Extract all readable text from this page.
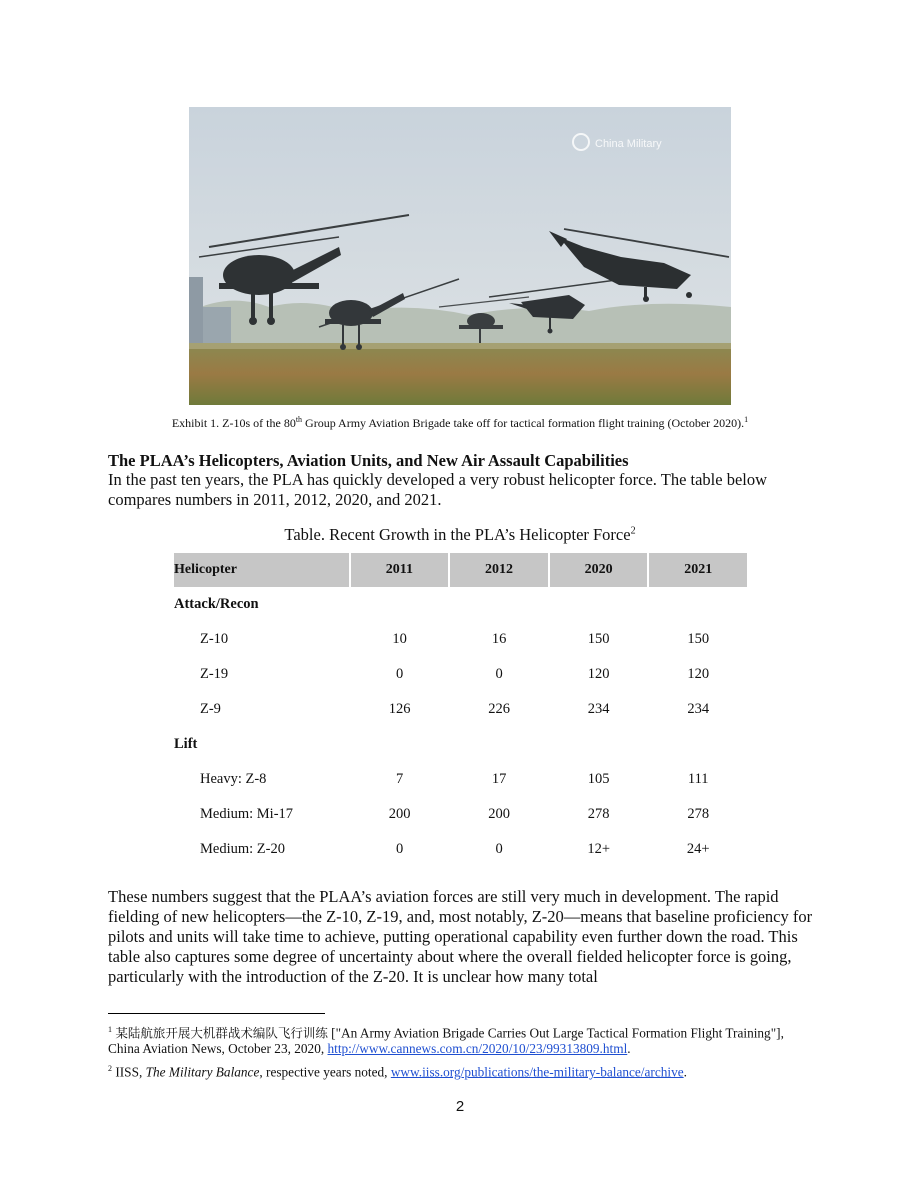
China Military
Exhibit 1. Z-10s of the 80th Group Army Aviation Brigade take off for tactical formation flight training (October 2020).$^1$
The PLAA’s Helicopters, Aviation Units, and New Air Assault Capabilities
In the past ten years, the PLA has quickly developed a very robust helicopter force. The table below compares numbers in 2011, 2012, 2020, and 2021.
Table. Recent Growth in the PLA’s Helicopter Force$^2$
Helicopter	2011	2012	2020	2021
Attack/Recon
Z-10	10	16	150	150
Z-19	0	0	120	120
Z-9	126	226	234	234
Lift
Heavy: Z-8	7	17	105	111
Medium: Mi-17	200	200	278	278
Medium: Z-20	0	0	12+	24+
These numbers suggest that the PLAA’s aviation forces are still very much in development. The rapid fielding of new helicopters—the Z-10, Z-19, and, most notably, Z-20—means that baseline proficiency for pilots and units will take time to achieve, putting operational capability even further down the road. This table also captures some degree of uncertainty about where the overall fielded helicopter force is going, particularly with the introduction of the Z-20. It is unclear how many total
$^1$ 某陆航旅开展大机群战术编队飞行训练 ["An Army Aviation Brigade Carries Out Large Tactical Formation Flight Training"], China Aviation News, October 23, 2020, http://www.cannews.com.cn/2020/10/23/99313809.html.
$^2$ IISS, The Military Balance, respective years noted, www.iiss.org/publications/the-military-balance/archive.
2
